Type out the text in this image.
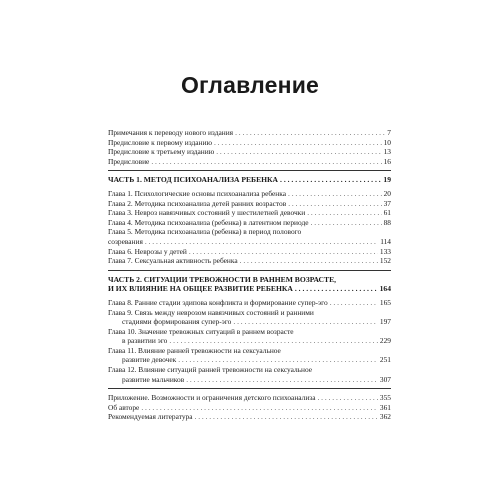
Оглавление
Примечания к переводу нового издания . . .	7
Предисловие к первому изданию . . .	10
Предисловие к третьему изданию . . .	13
Предисловие . . .	16
ЧАСТЬ 1. МЕТОД ПСИХОАНАЛИЗА РЕБЕНКА . . .	19
Глава 1. Психологические основы психоанализа ребенка . . .	20
Глава 2. Методика психоанализа детей ранних возрастов . . .	37
Глава 3. Невроз навязчивых состояний у шестилетней девочки . . .	61
Глава 4. Методика психоанализа (ребенка) в латентном периоде . . .	88
Глава 5. Методика психоанализа (ребенка) в период полового
созревания . . .	114
Глава 6. Неврозы у детей . . .	133
Глава 7. Сексуальная активность ребенка . . .	152
ЧАСТЬ 2. СИТУАЦИИ ТРЕВОЖНОСТИ В РАННЕМ ВОЗРАСТЕ,
И ИХ ВЛИЯНИЕ НА ОБЩЕЕ РАЗВИТИЕ РЕБЕНКА . . .	164
Глава 8. Ранние стадии эдипова конфликта и формирование супер-эго . . .	165
Глава 9. Связь между неврозом навязчивых состояний и ранними
стадиями формирования супер-эго . . .	197
Глава 10. Значение тревожных ситуаций в раннем возрасте
в развитии эго . . .	229
Глава 11. Влияние ранней тревожности на сексуальное
развитие девочек . . .	251
Глава 12. Влияние ситуаций ранней тревожности на сексуальное
развитие мальчиков . . .	307
Приложение. Возможности и ограничения детского психоанализа . . .	355
Об авторе . . .	361
Рекомендуемая литература . . .	362
